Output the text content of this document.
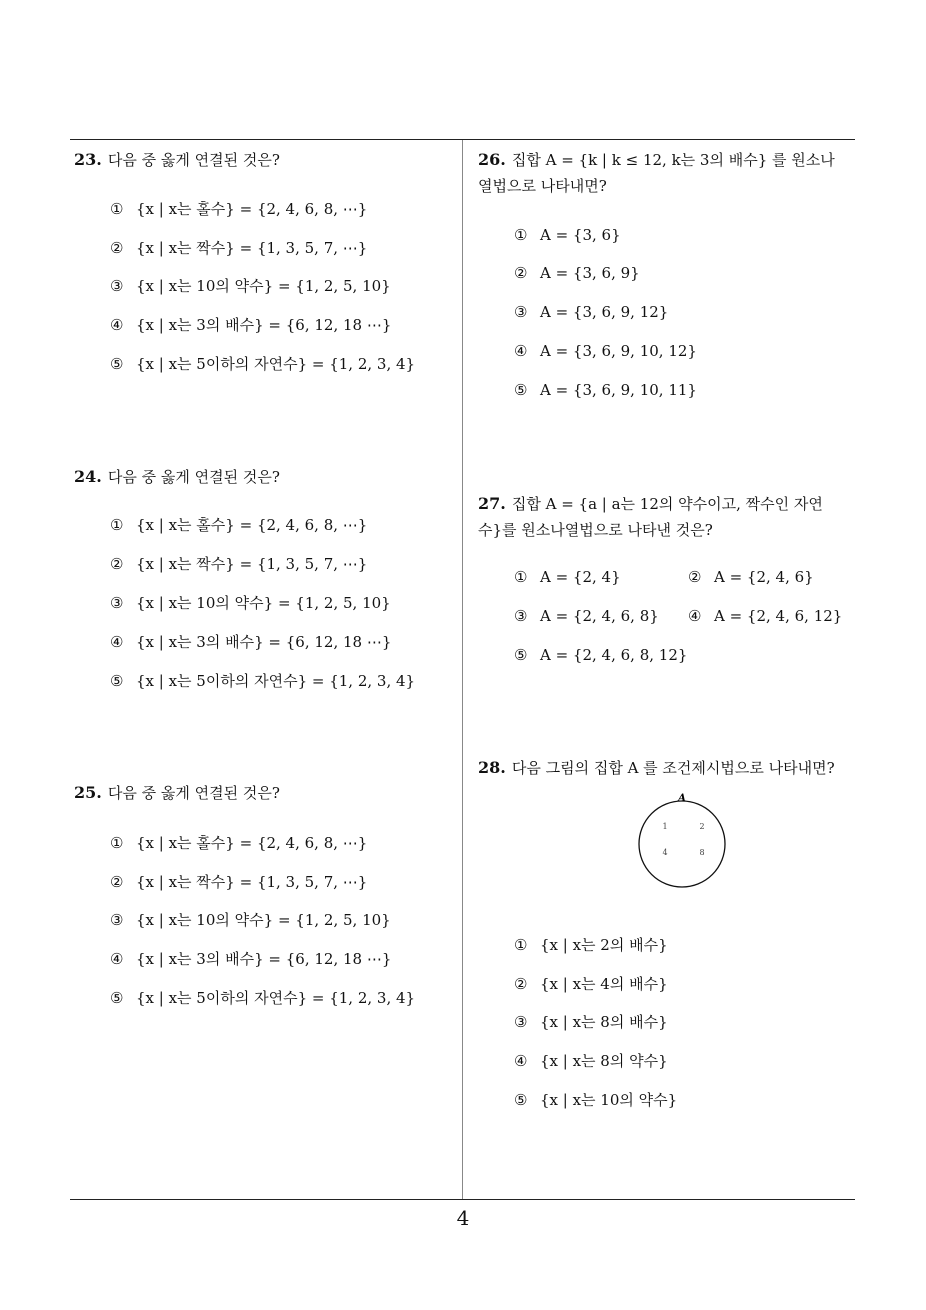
23. 다음 중 옳게 연결된 것은?
① {x | x는 홀수} = {2, 4, 6, 8, ⋯}
② {x | x는 짝수} = {1, 3, 5, 7, ⋯}
③ {x | x는 10의 약수} = {1, 2, 5, 10}
④ {x | x는 3의 배수} = {6, 12, 18 ⋯}
⑤ {x | x는 5이하의 자연수} = {1, 2, 3, 4}
24. 다음 중 옳게 연결된 것은?
① {x | x는 홀수} = {2, 4, 6, 8, ⋯}
② {x | x는 짝수} = {1, 3, 5, 7, ⋯}
③ {x | x는 10의 약수} = {1, 2, 5, 10}
④ {x | x는 3의 배수} = {6, 12, 18 ⋯}
⑤ {x | x는 5이하의 자연수} = {1, 2, 3, 4}
25. 다음 중 옳게 연결된 것은?
① {x | x는 홀수} = {2, 4, 6, 8, ⋯}
② {x | x는 짝수} = {1, 3, 5, 7, ⋯}
③ {x | x는 10의 약수} = {1, 2, 5, 10}
④ {x | x는 3의 배수} = {6, 12, 18 ⋯}
⑤ {x | x는 5이하의 자연수} = {1, 2, 3, 4}
26. 집합 A = {k | k ≤ 12, k는 3의 배수} 를 원소나열법으로 나타내면?
① A = {3, 6}
② A = {3, 6, 9}
③ A = {3, 6, 9, 12}
④ A = {3, 6, 9, 10, 12}
⑤ A = {3, 6, 9, 10, 11}
27. 집합 A = {a | a는 12의 약수이고, 짝수인 자연수}를 원소나열법으로 나타낸 것은?
① A = {2, 4}	② A = {2, 4, 6}
③ A = {2, 4, 6, 8} ④ A = {2, 4, 6, 12}
⑤ A = {2, 4, 6, 8, 12}
28. 다음 그림의 집합 A 를 조건제시법으로 나타내면?
A
1	2
4	8
① {x | x는 2의 배수}
② {x | x는 4의 배수}
③ {x | x는 8의 배수}
④ {x | x는 8의 약수}
⑤ {x | x는 10의 약수}
4
